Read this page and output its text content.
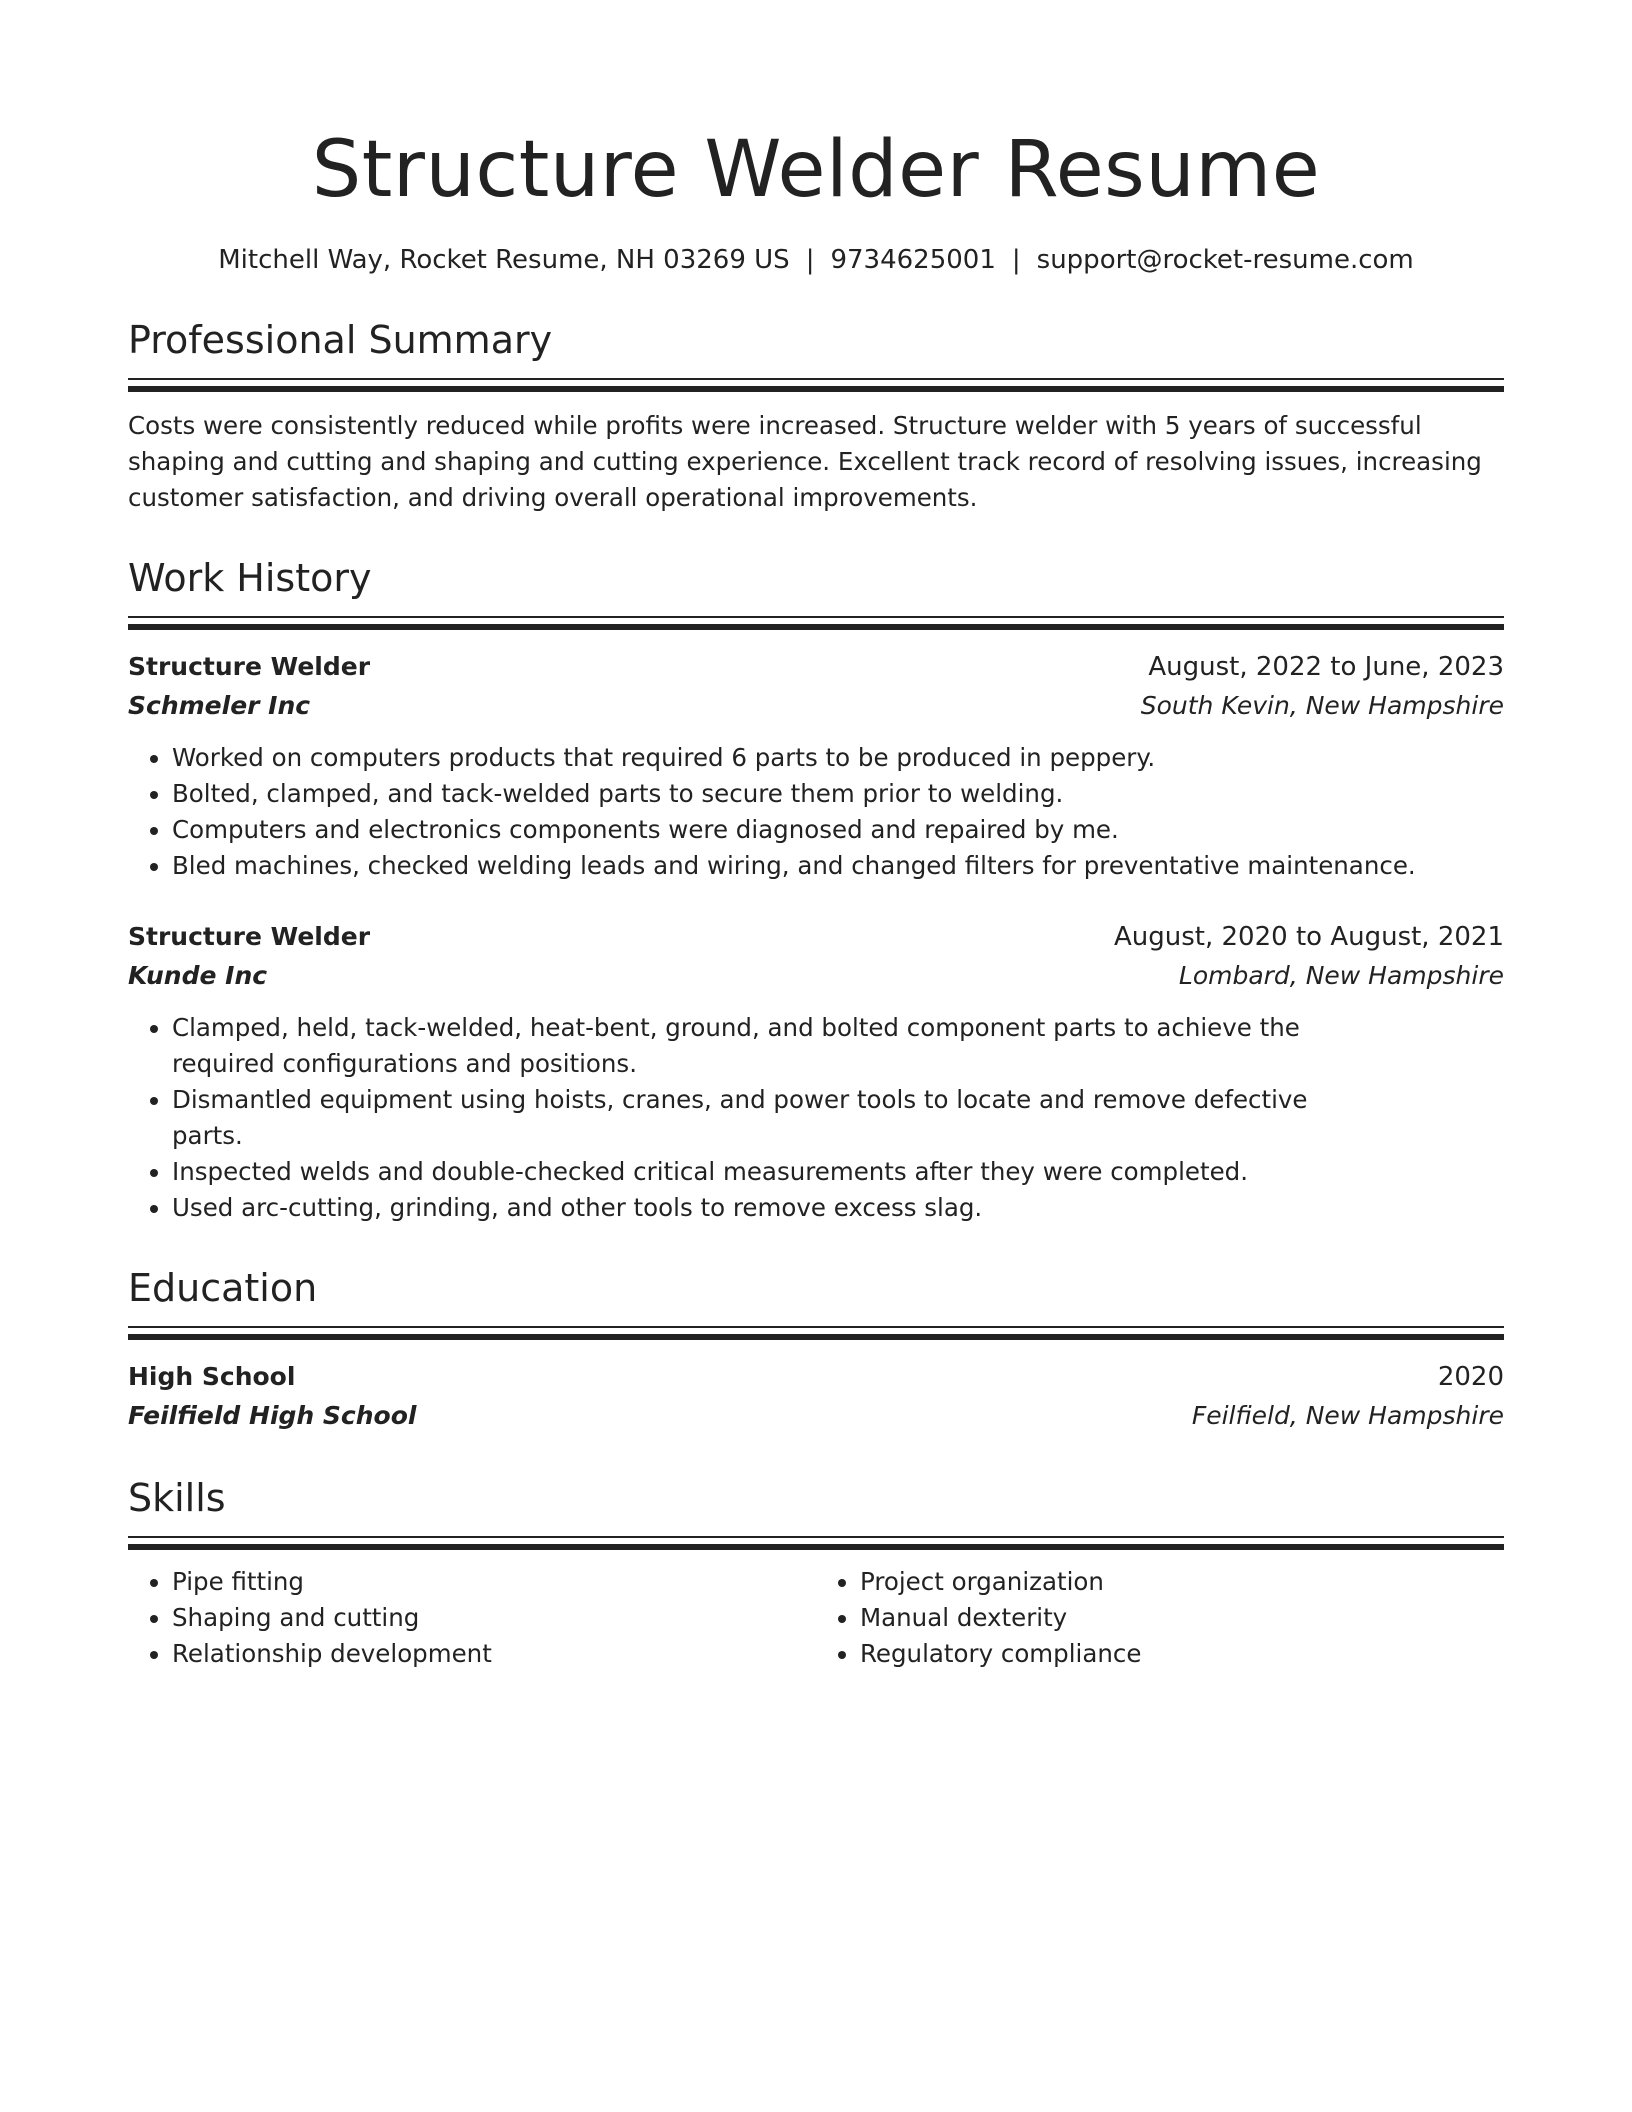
Structure Welder Resume
Mitchell Way, Rocket Resume, NH 03269 US | 9734625001 | support@rocket-resume.com
Professional Summary
Costs were consistently reduced while profits were increased. Structure welder with 5 years of successful shaping and cutting and shaping and cutting experience. Excellent track record of resolving issues, increasing customer satisfaction, and driving overall operational improvements.
Work History
Structure Welder	August, 2022 to June, 2023
Schmeler Inc	South Kevin, New Hampshire
• Worked on computers products that required 6 parts to be produced in peppery.
• Bolted, clamped, and tack-welded parts to secure them prior to welding.
• Computers and electronics components were diagnosed and repaired by me.
• Bled machines, checked welding leads and wiring, and changed filters for preventative maintenance.
Structure Welder	August, 2020 to August, 2021
Kunde Inc	Lombard, New Hampshire
• Clamped, held, tack-welded, heat-bent, ground, and bolted component parts to achieve the required configurations and positions.
• Dismantled equipment using hoists, cranes, and power tools to locate and remove defective parts.
• Inspected welds and double-checked critical measurements after they were completed.
• Used arc-cutting, grinding, and other tools to remove excess slag.
Education
High School	2020
Feilfield High School	Feilfield, New Hampshire
Skills
• Pipe fitting
• Shaping and cutting
• Relationship development
• Project organization
• Manual dexterity
• Regulatory compliance
